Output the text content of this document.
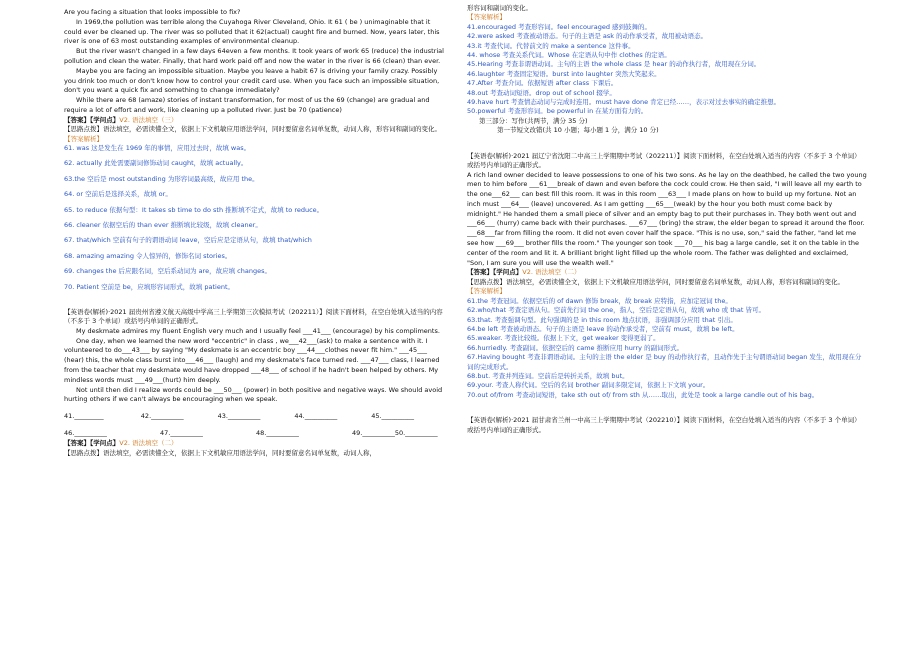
Are you facing a situation that looks impossible to fix?

In 1969,the pollution was terrible along the Cuyahoga River Cleveland, Ohio. It 61 ( be ) unimaginable that it could ever be cleaned up. The river was so polluted that it 62(actual) caught fire and burned. Now, years later, this river is one of 63 most outstanding examples of environmental cleanup.

But the river wasn't changed in a few days 64even a few months. It took years of work 65 (reduce) the industrial pollution and clean the water. Finally, that hard work paid off and now the water in the river is 66 (clean) than ever.

Maybe you are facing an impossible situation. Maybe you leave a habit 67 is driving your family crazy. Possibly you drink too much or don't know how to control your credit card use. When you face such an impossible situation, don't you want a quick fix and something to change immediately?

While there are 68 (amaze) stories of instant transformation, for most of us the 69 (change) are gradual and require a lot of effort and work, like cleaning up a polluted river. Just be 70 (patience)

【答案】【学问点】V2. 语法填空（三）

【思路点拨】语法填空，必需读懂全文，依据上下文机敏应用语法学问，同时要留意名词单复数，动词人称，形容词和副词的变化。

【答案解析】

61. was 这是发生在 1969 年的事情，应用过去时，故填 was。

62. actually 此处需要副词修饰动词 caught，故填 actually。

63.the 空后是 most outstanding 为形容词最高级，故应用 the。

64. or 空前后是选择关系，故填 or。

65. to reduce 依据句型：It takes sb time to do sth 推断填不定式，故填 to reduce。

66. cleaner 依据空后的 than ever 推断填比较级，故填 cleaner。

67. that/which 空前有句子的谓语动词 leave，空后应是定语从句，故填 that/which

68. amazing amazing 令人惊异的，修饰名词 stories。

69. changes the 后应跟名词，空后系动词为 are，故应填 changes。

70. Patient 空前是 be，应填形容词形式，故填 patient。

【英语卷(解析)·2021 届贵州省遵义航天高级中学高三上学期第三次模拟考试（202211）】阅读下面材料，在空白处填入适当的内容（不多于 3 个单词）或括号内单词的正确形式。

My deskmate admires my fluent English very much and I usually feel ___41___ (encourage) by his compliments.

One day, when we learned the new word "eccentric" in class , we___42___(ask) to make a sentence with it. I volunteered to do___43___ by saying "My deskmate is an eccentric boy ___44___clothes never fit him." ___45___ (hear) this, the whole class burst into___46___ (laugh) and my deskmate's face turned red. ___47___ class, I learned from the teacher that my deskmate would have dropped ___48___ of school if he hadn't been helped by others. My mindless words must ___49___(hurt) him deeply.

Not until then did I realize words could be ___50___ (power) in both positive and negative ways. We should avoid hurting others if we can't always be encouraging when we speak.

41._________	42.__________	43.__________	44.__________	45.__________
46.__________	47.__________	48.__________	49.__________50.__________

【答案】【学问点】V2. 语法填空（二）

【思路点拨】语法填空，必需读懂全文，依据上下文机敏应用语法学问，同时要留意名词单复数，动词人称，

形容词和副词的变化。

【答案解析】

41.encouraged 考查形容词。feel encouraged 感到鼓舞的。

42.were asked 考查被动语态。句子的主语是 ask 的动作承受者，故用被动语态。

43.it 考查代词。代替前文的 make a sentence 这件事。

44. whose 考查关系代词。Whose 在定语从句中作 clothes 的定语。

45.Hearing 考查非谓语动词。主句的主语 the whole class 是 hear 的动作执行者，故用现在分词。

46.laughter 考查固定短语。burst into laughter 突然大笑起来。

47.After 考查介词。依据短语 after class 下课后。

48.out 考查动词短语。drop out of school 辍学。

49.have hurt 考查情态动词与完成时连用。must have done 肯定已经……，表示对过去事实的确定推想。

50.powerful 考查形容词。be powerful in 在某方面有力的。

第三部分：写作(共两节，满分 35 分)

第一节短文改错(共 10 小题；每小题 1 分，满分 10 分)

【英语卷(解析)·2021 届辽宁省沈阳二中高三上学期期中考试（202211）】阅读下面材料，在空白处填入适当的内容（不多于 3 个单词）或括号内单词的正确形式。

A rich land owner decided to leave possessions to one of his two sons. As he lay on the deathbed, he called the two young men to him before ___61___break of dawn and even before the cock could crow. He then said, "I will leave all my earth to the one___62___ can best fill this room. It was in this room ___63___ I made plans on how to build up my fortune. Not an inch must ___64___ (leave) uncovered. As I am getting ___65___(weak) by the hour you both must come back by midnight." He handed them a small piece of silver and an empty bag to put their purchases in. They both went out and ___66___ (hurry) came back with their purchases. ___67___ (bring) the straw, the elder began to spread it around the floor. ___68___far from filling the room. It did not even cover half the space. "This is no use, son," said the father, "and let me see how ___69___ brother fills the room." The younger son took ___70___ his bag a large candle, set it on the table in the center of the room and lit it. A brilliant bright light filled up the whole room. The father was delighted and exclaimed, "Son, I am sure you will use the wealth well."

【答案】【学问点】V2. 语法填空（二）

【思路点拨】语法填空，必需读懂全文，依据上下文机敏应用语法学问，同时要留意名词单复数，动词人称，形容词和副词的变化。

【答案解析】

61.the 考查冠词。依据空后的 of dawn 修饰 break，故 break 应特指，应加定冠词 the。

62.who/that 考查定语从句。空前先行词 the one，指人，空后是定语从句，故填 who 或 that 皆可。

63.that. 考查强调句型。此句强调的是 in this room 地点状语，非强调部分应用 that 引出。

64.be left 考查被动语态。句子的主语是 leave 的动作承受者，空前有 must，故填 be left。

65.weaker. 考查比较级。依据上下文，get weaker 变得更弱了。

66.hurriedly. 考查副词。依据空后的 came 推断应用 hurry 的副词形式。

67.Having bought 考查非谓语动词。主句的主语 the elder 是 buy 的动作执行者，且动作先于主句谓语动词 began 发生，故用现在分词的完成形式。

68.but. 考查并列连词。空前后是转折关系，故填 but。

69.your. 考查人称代词。空后的名词 brother 副词多限定词，依据上下文填 your。

70.out of/from 考查动词短语，take sth out of/ from sth 从……取出，此处是 took a large candle out of his bag。

【英语卷(解析)·2021 届甘肃省兰州一中高三上学期期中考试（202210）】阅读下面材料，在空白处填入适当的内容（不多于 3 个单词）或括号内单词的正确形式。
